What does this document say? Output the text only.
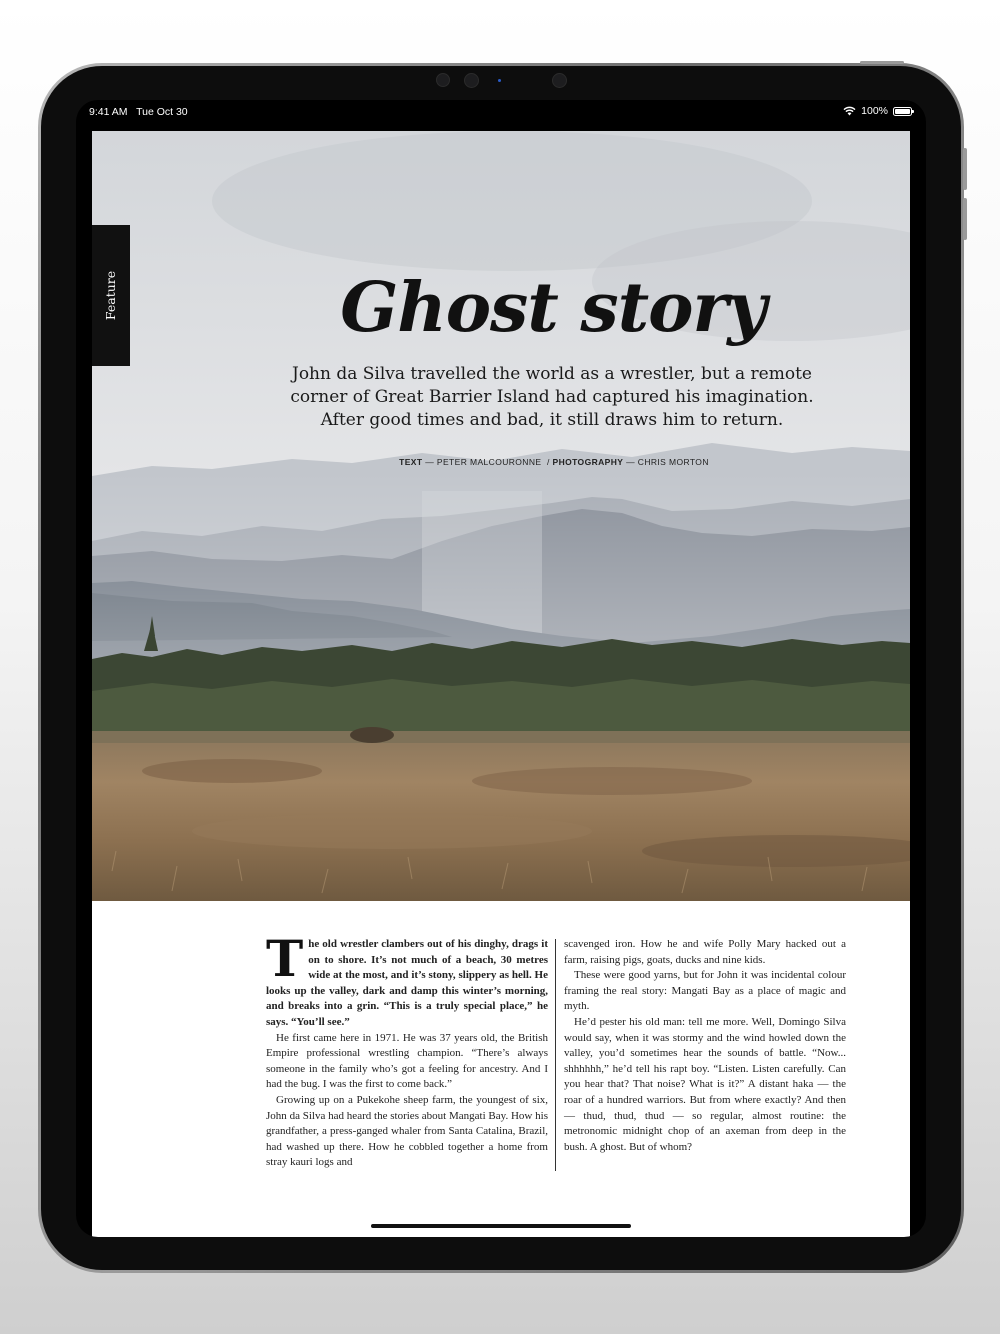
9:41 AM Tue Oct 30	100%
Feature	Ghost story
John da Silva travelled the world as a wrestler, but a remote corner of Great Barrier Island had captured his imagination. After good times and bad, it still draws him to return.
TEXT — PETER MALCOURONNE  / PHOTOGRAPHY — CHRIS MORTON

The old wrestler clambers out of his dinghy, drags it on to shore. It’s not much of a beach, 30 metres wide at the most, and it’s stony, slippery as hell. He looks up the valley, dark and damp this winter’s morning, and breaks into a grin. “This is a truly special place,” he says. “You’ll see.”

He first came here in 1971. He was 37 years old, the British Empire professional wrestling champion. “There’s always someone in the family who’s got a feeling for ancestry. And I had the bug. I was the first to come back.”

Growing up on a Pukekohe sheep farm, the youngest of six, John da Silva had heard the stories about Mangati Bay. How his grandfather, a press-ganged whaler from Santa Catalina, Brazil, had washed up there. How he cobbled together a home from stray kauri logs and

scavenged iron. How he and wife Polly Mary hacked out a farm, raising pigs, goats, ducks and nine kids.

These were good yarns, but for John it was incidental colour framing the real story: Mangati Bay as a place of magic and myth.

He’d pester his old man: tell me more. Well, Domingo Silva would say, when it was stormy and the wind howled down the valley, you’d sometimes hear the sounds of battle. “Now... shhhhhh,” he’d tell his rapt boy. “Listen. Listen carefully. Can you hear that? That noise? What is it?” A distant haka — the roar of a hundred warriors. But from where exactly? And then — thud, thud, thud — so regular, almost routine: the metronomic midnight chop of an axeman from deep in the bush. A ghost. But of whom?
